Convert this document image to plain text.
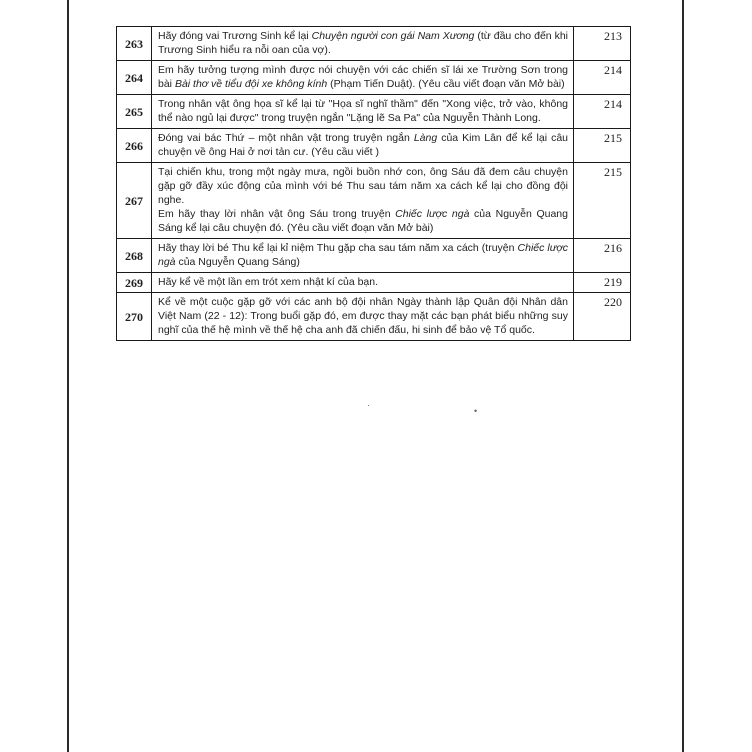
263	Hãy đóng vai Trương Sinh kể lại Chuyện người con gái Nam Xương (từ đầu cho đến khi Trương Sinh hiểu ra nỗi oan của vợ).	213
264	Em hãy tưởng tượng mình được nói chuyện với các chiến sĩ lái xe Trường Sơn trong bài Bài thơ về tiểu đội xe không kính (Phạm Tiến Duật). (Yêu cầu viết đoạn văn Mở bài)	214
265	Trong nhân vật ông họa sĩ kể lại từ "Họa sĩ nghĩ thầm" đến "Xong việc, trở vào, không thể nào ngủ lại được" trong truyện ngắn "Lặng lẽ Sa Pa" của Nguyễn Thành Long.	214
266	Đóng vai bác Thứ – một nhân vật trong truyện ngắn Làng của Kim Lân để kể lại câu chuyện về ông Hai ở nơi tản cư. (Yêu cầu viết )	215
267	Tại chiến khu, trong một ngày mưa, ngồi buồn nhớ con, ông Sáu đã đem câu chuyện gặp gỡ đầy xúc động của mình với bé Thu sau tám năm xa cách kể lại cho đồng đội nghe.
Em hãy thay lời nhân vật ông Sáu trong truyện Chiếc lược ngà của Nguyễn Quang Sáng kể lại câu chuyện đó. (Yêu cầu viết đoạn văn Mở bài)	215
268	Hãy thay lời bé Thu kể lại kỉ niệm Thu gặp cha sau tám năm xa cách (truyện Chiếc lược ngà của Nguyễn Quang Sáng)	216
269	Hãy kể về một lần em trót xem nhật kí của bạn.	219
270	Kể về một cuộc gặp gỡ với các anh bộ đội nhân Ngày thành lập Quân đội Nhân dân Việt Nam (22 - 12): Trong buổi gặp đó, em được thay mặt các bạn phát biểu những suy nghĩ của thế hệ mình về thế hệ cha anh đã chiến đấu, hi sinh để bảo vệ Tổ quốc.	220
·
•
